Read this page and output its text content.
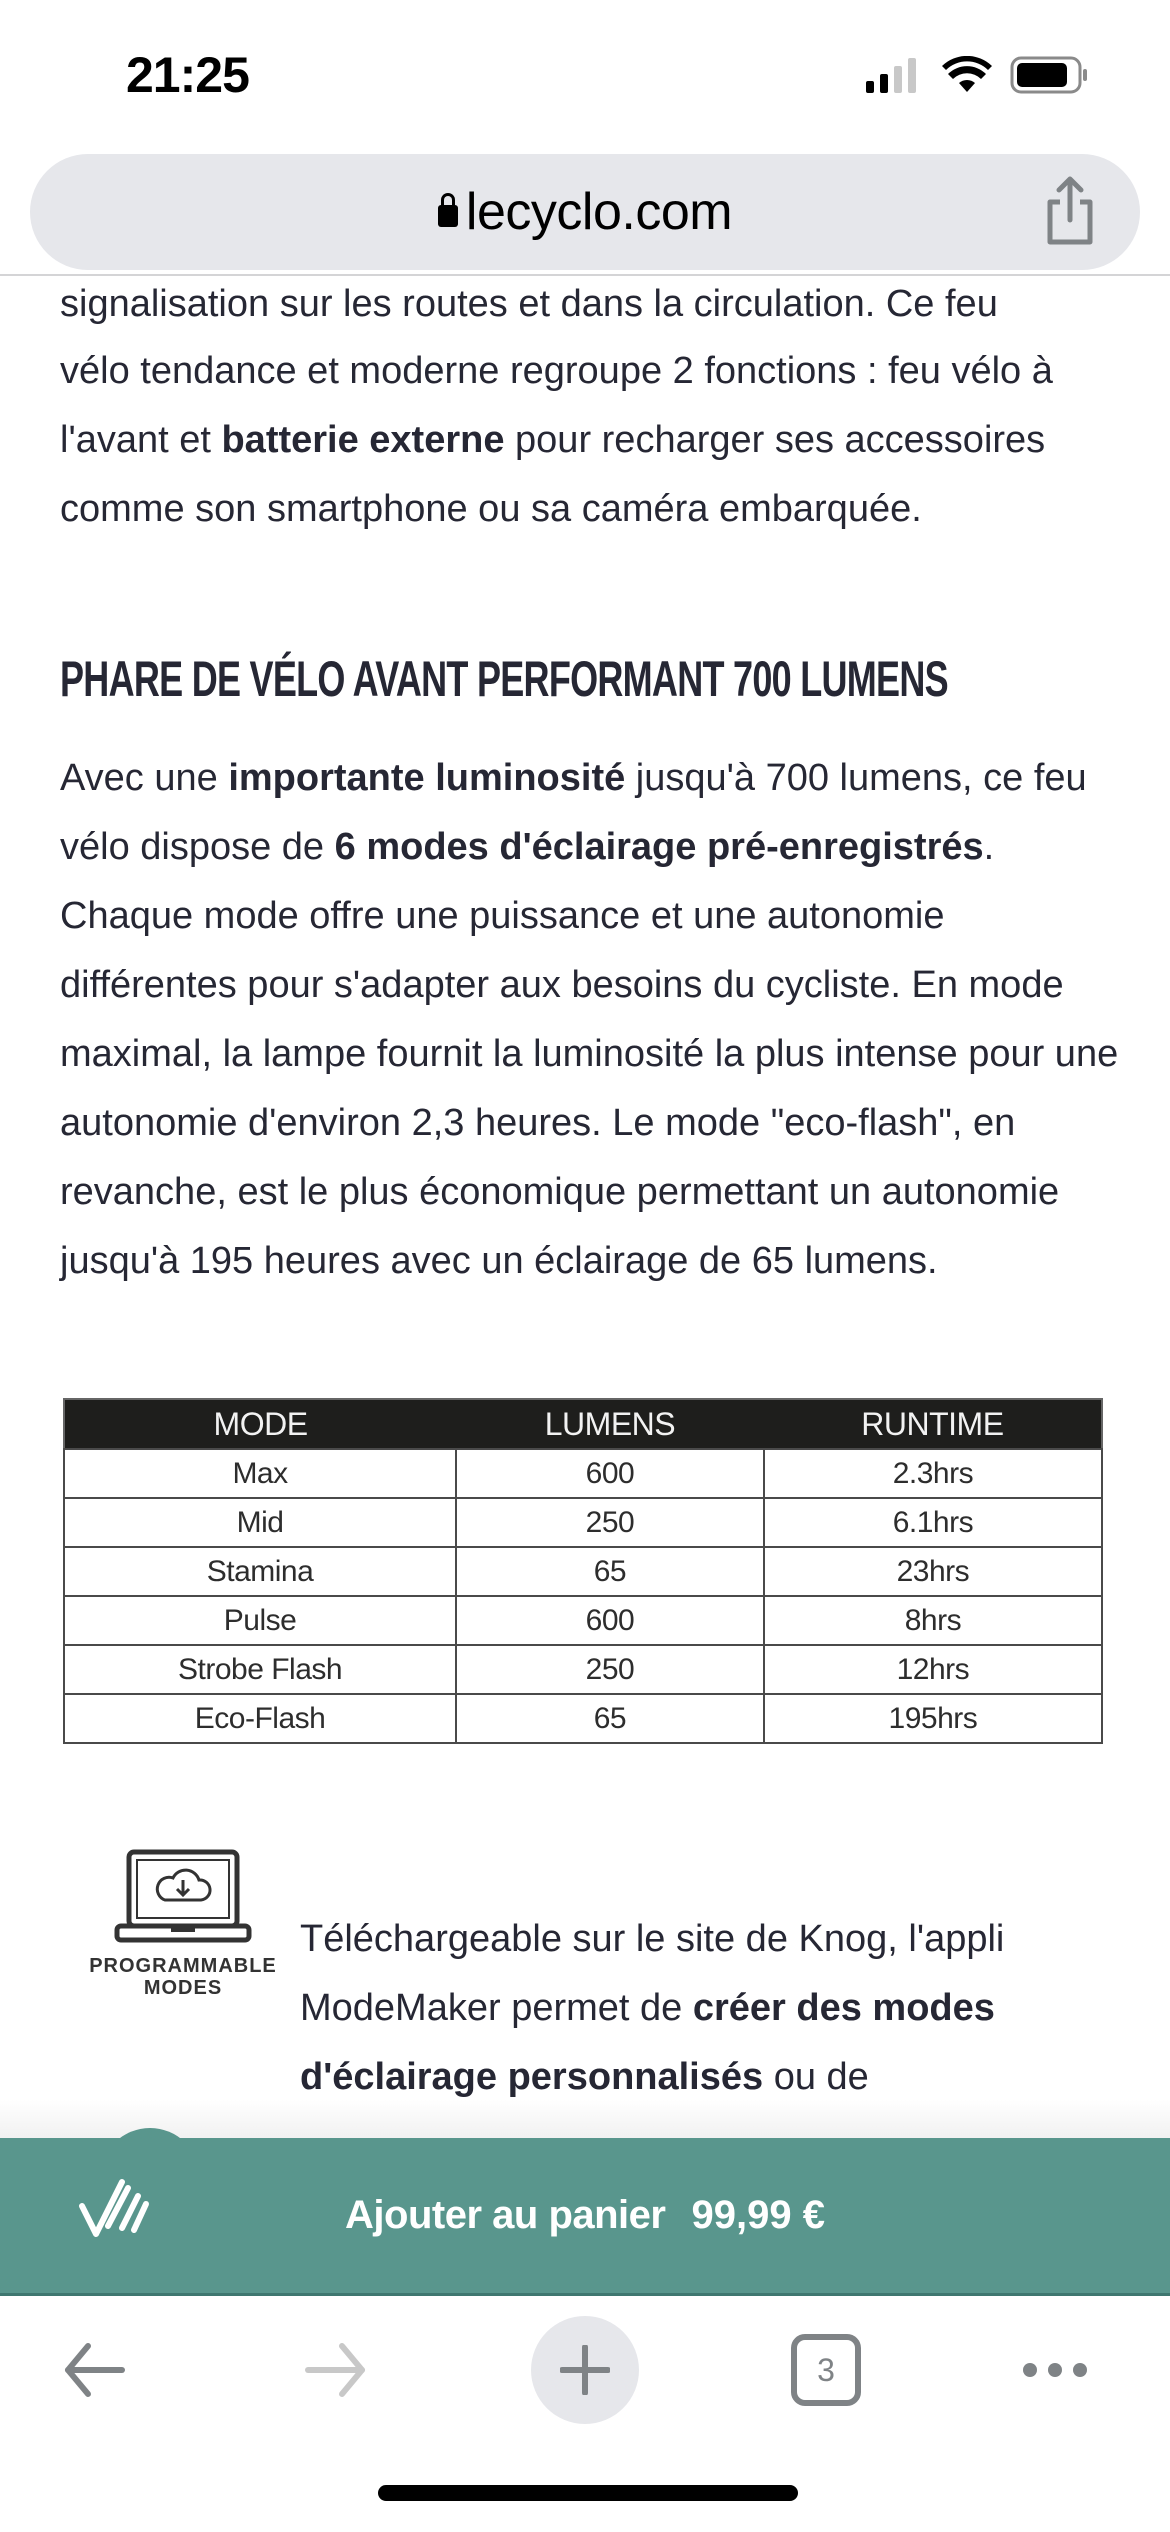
21:25
lecyclo.com
signalisation sur les routes et dans la circulation. Ce feu

vélo tendance et moderne regroupe 2 fonctions : feu vélo à l'avant et batterie externe pour recharger ses accessoires comme son smartphone ou sa caméra embarquée.

PHARE DE VÉLO AVANT PERFORMANT 700 LUMENS

Avec une importante luminosité jusqu'à 700 lumens, ce feu vélo dispose de 6 modes d'éclairage pré-enregistrés. Chaque mode offre une puissance et une autonomie différentes pour s'adapter aux besoins du cycliste. En mode maximal, la lampe fournit la luminosité la plus intense pour une autonomie d'environ 2,3 heures. Le mode "eco-flash", en revanche, est le plus économique permettant un autonomie jusqu'à 195 heures avec un éclairage de 65 lumens.

MODE	LUMENS	RUNTIME
Max	600	2.3hrs
Mid	250	6.1hrs
Stamina	65	23hrs
Pulse	600	8hrs
Strobe Flash	250	12hrs
Eco-Flash	65	195hrs
PROGRAMMABLE
MODES

Téléchargeable sur le site de Knog, l'appli ModeMaker permet de créer des modes d'éclairage personnalisés ou de

Ajouter au panier 99,99 €
3
